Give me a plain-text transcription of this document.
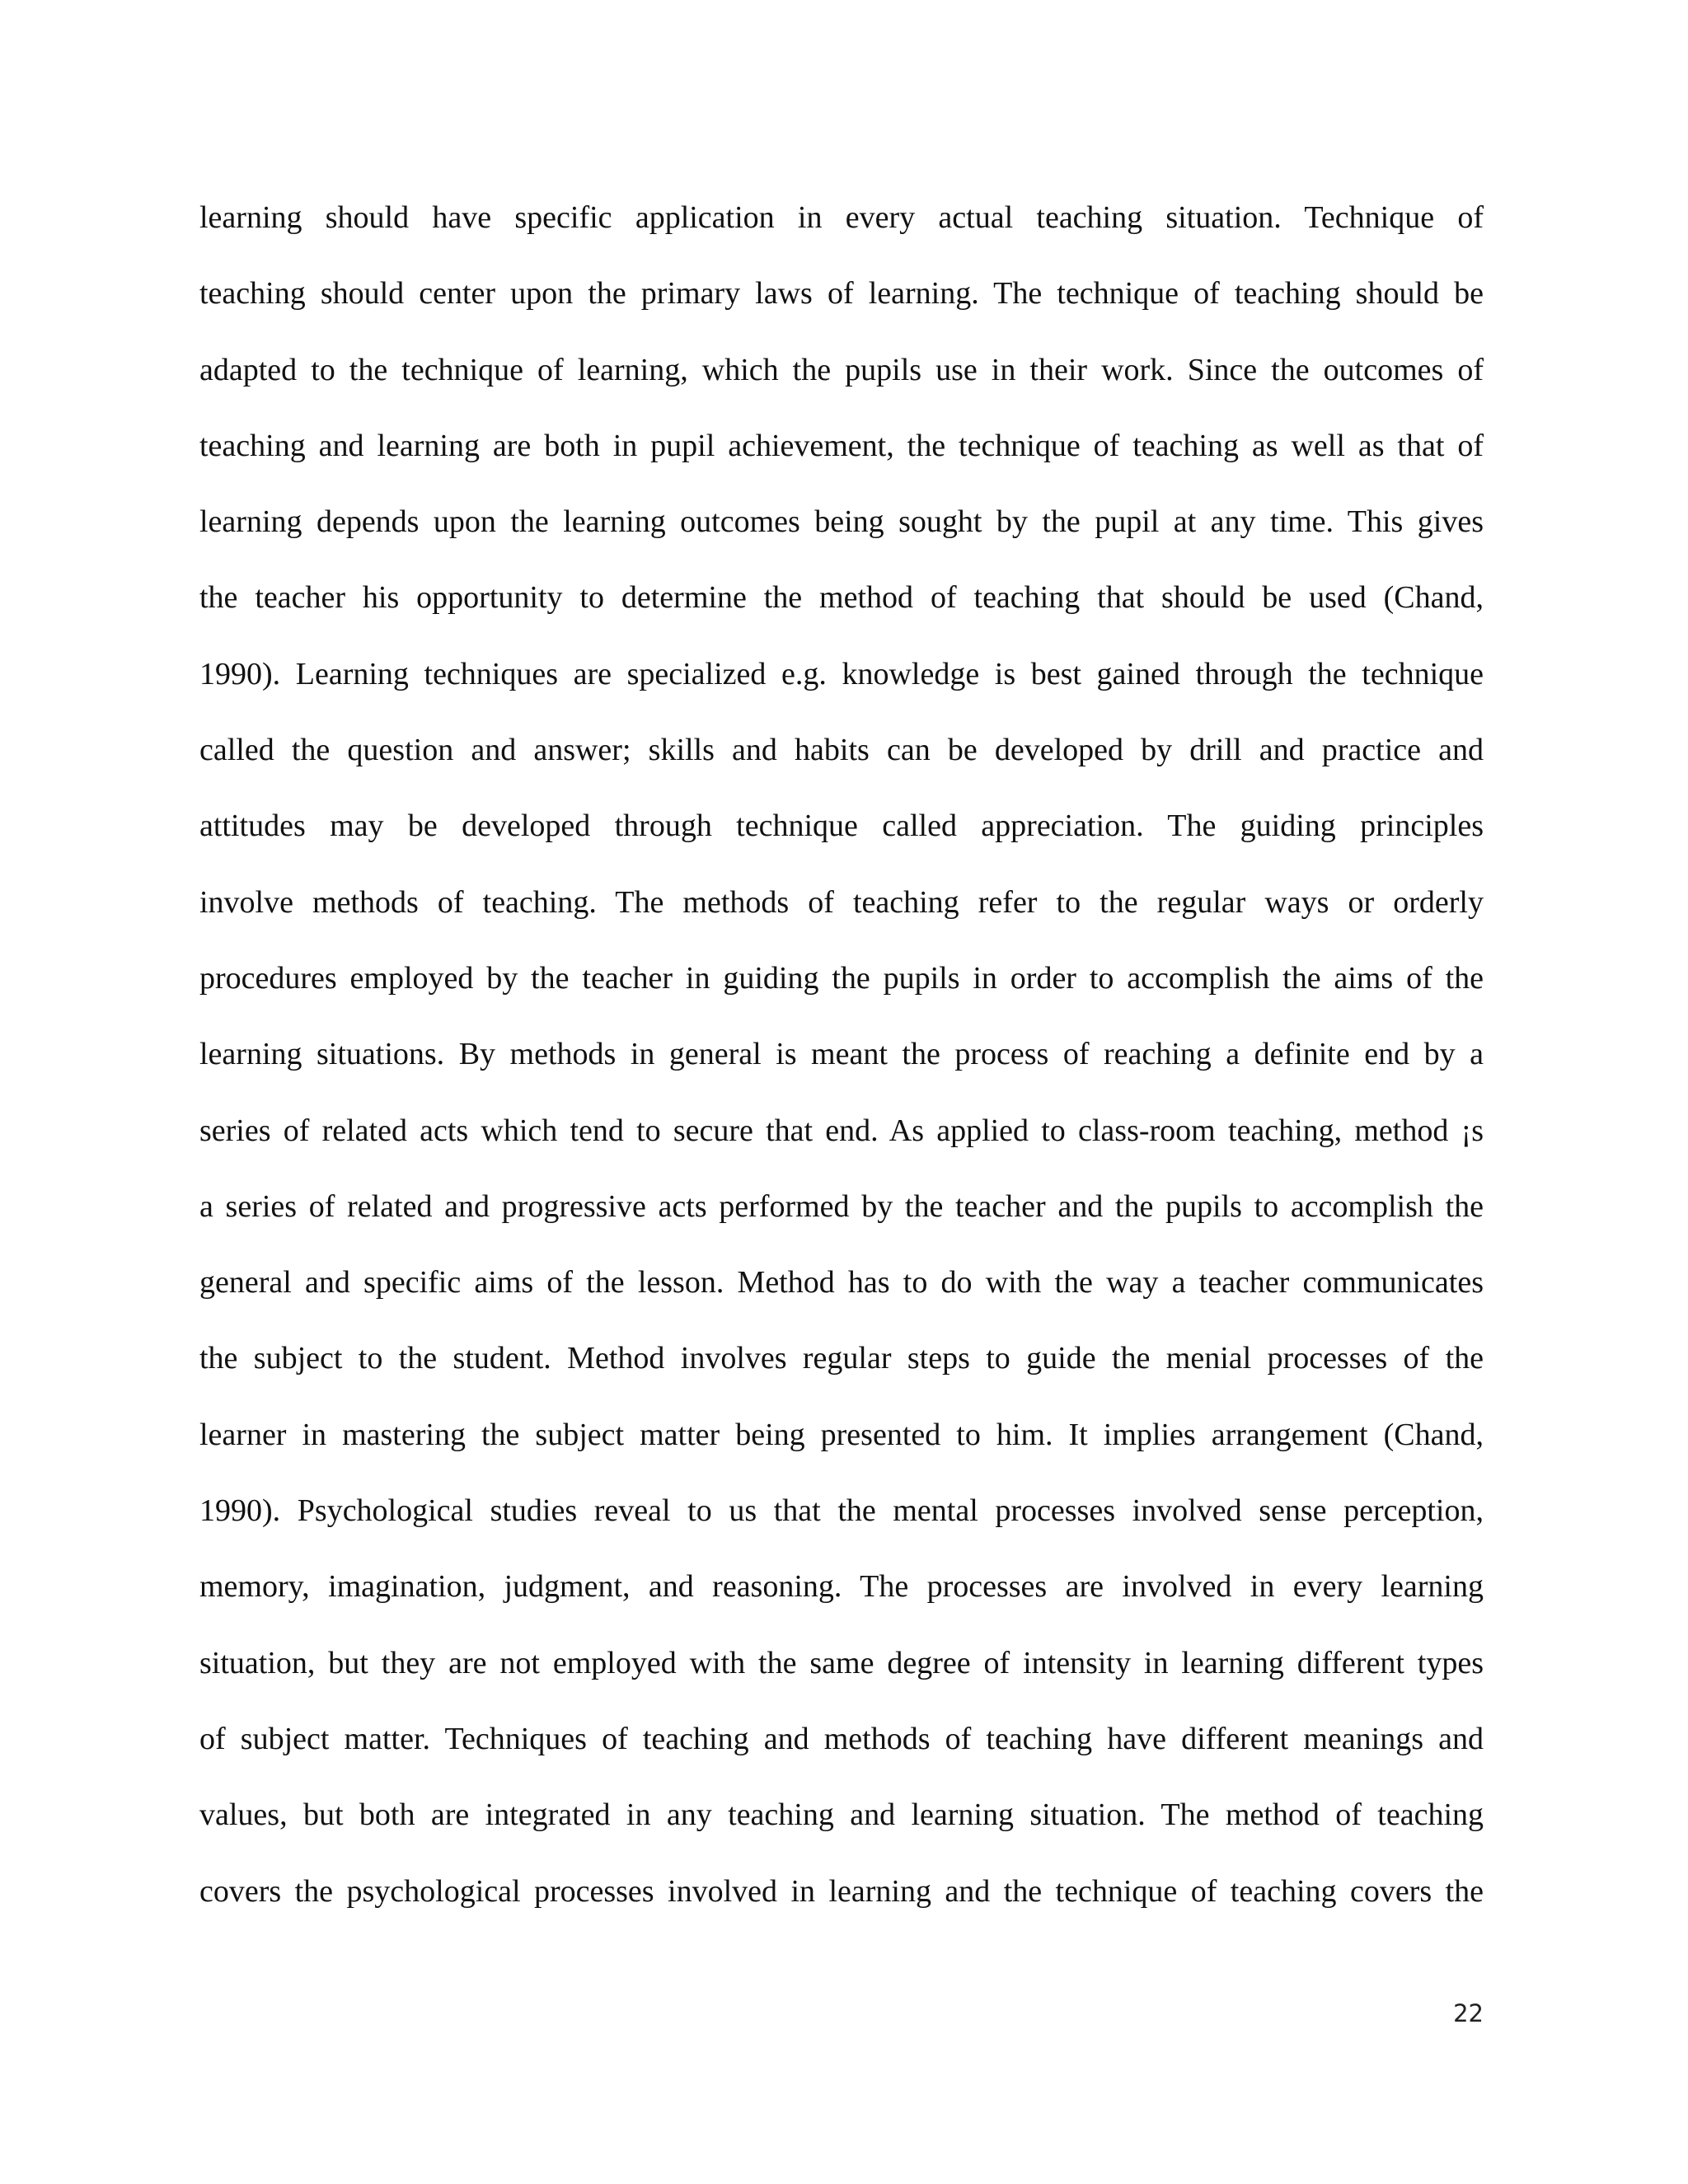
learning should have specific application in every actual teaching situation. Technique of
teaching should center upon the primary laws of learning. The technique of teaching should be
adapted to the technique of learning, which the pupils use in their work. Since the outcomes of
teaching and learning are both in pupil achievement, the technique of teaching as well as that of
learning depends upon the learning outcomes being sought by the pupil at any time. This gives
the teacher his opportunity to determine the method of teaching that should be used (Chand,
1990). Learning techniques are specialized e.g. knowledge is best gained through the technique
called the question and answer; skills and habits can be developed by drill and practice and
attitudes may be developed through technique called appreciation. The guiding principles
involve methods of teaching. The methods of teaching refer to the regular ways or orderly
procedures employed by the teacher in guiding the pupils in order to accomplish the aims of the
learning situations. By methods in general is meant the process of reaching a definite end by a
series of related acts which tend to secure that end. As applied to class-room teaching, method ¡s
a series of related and progressive acts performed by the teacher and the pupils to accomplish the
general and specific aims of the lesson. Method has to do with the way a teacher communicates
the subject to the student. Method involves regular steps to guide the menial processes of the
learner in mastering the subject matter being presented to him. It implies arrangement (Chand,
1990). Psychological studies reveal to us that the mental processes involved sense perception,
memory, imagination, judgment, and reasoning. The processes are involved in every learning
situation, but they are not employed with the same degree of intensity in learning different types
of subject matter. Techniques of teaching and methods of teaching have different meanings and
values, but both are integrated in any teaching and learning situation. The method of teaching
covers the psychological processes involved in learning and the technique of teaching covers the
22
